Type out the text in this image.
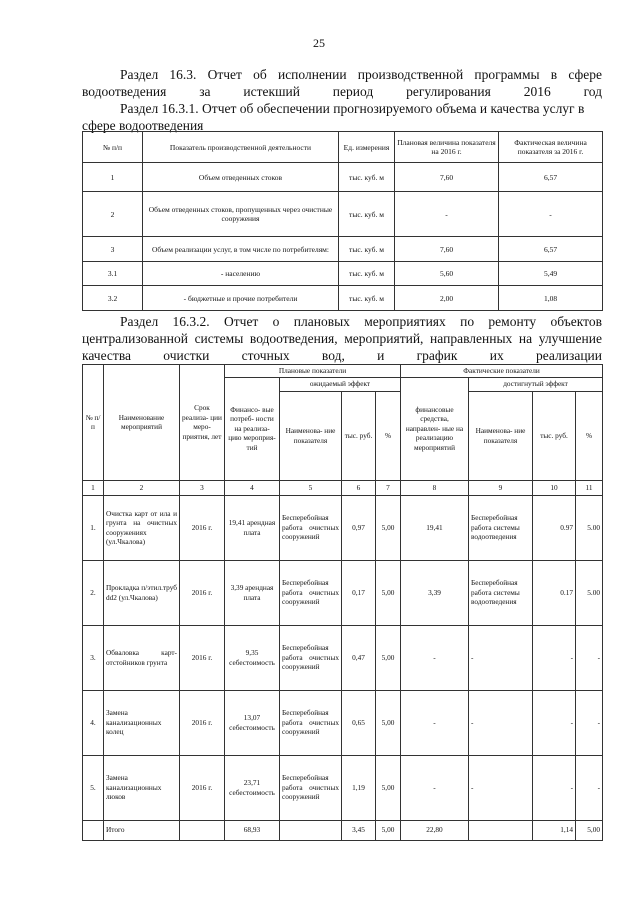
25
Раздел 16.3. Отчет об исполнении производственной программы в сфере водоотведения за истекший период регулирования 2016 год
Раздел 16.3.1. Отчет об обеспечении прогнозируемого объема и качества услуг в сфере водоотведения
№ п/п	Показатель производственной деятельности	Ед. измерения	Плановая величина показателя на 2016 г.	Фактическая величина показателя за 2016 г.
1	Объем отведенных стоков	тыс. куб. м	7,60	6,57
2	Объем отведенных стоков, пропущенных через очистные сооружения	тыс. куб. м	-	-
3	Объем реализации услуг, в том числе по потребителям:	тыс. куб. м	7,60	6,57
3.1	- населению	тыс. куб. м	5,60	5,49
3.2	- бюджетные и прочие потребители	тыс. куб. м	2,00	1,08
Раздел 16.3.2. Отчет о плановых мероприятиях по ремонту объектов централизованной системы водоотведения, мероприятий, направленных на улучшение качества очистки сточных вод, и график их реализации
№ п/ п	Наименование мероприятий	Срок реализа- ции меро- приятия, лет	Плановые показатели				Фактические показатели			
			Финансо- вые потреб- ности на реализа- цию мероприя- тий	ожидаемый эффект			финансовые средства, направлен- ные на реализацию мероприятий	достигнутый эффект		
				Наименова- ние показателя	тыс. руб.	%		Наименова- ние показателя	тыс. руб.	%
1	2	3	4	5	6	7	8	9	10	11
1.	Очистка карт от ила и грунта на очистных сооружениях (ул.Чкалова)	2016 г.	19,41 арендная плата	Бесперебойная работа очистных сооружений	0,97	5,00	19,41	Бесперебойная работа системы водоотведения	0.97	5.00
2.	Прокладка п/этил.труб dd2 (ул.Чкалова)	2016 г.	3,39 арендная плата	Бесперебойная работа очистных сооружений	0,17	5,00	3,39	Бесперебойная работа системы водоотведения	0.17	5.00
3.	Обваловка карт-отстойников грунта	2016 г.	9,35 себестоимость	Бесперебойная работа очистных сооружений	0,47	5,00	-	-	-	-
4.	Замена канализационных колец	2016 г.	13,07 себестоимость	Бесперебойная работа очистных сооружений	0,65	5,00	-	-	-	-
5.	Замена канализационных люков	2016 г.	23,71 себестоимость	Бесперебойная работа очистных сооружений	1,19	5,00	-	-	-	-
	Итого		68,93		3,45	5,00	22,80		1,14	5,00
